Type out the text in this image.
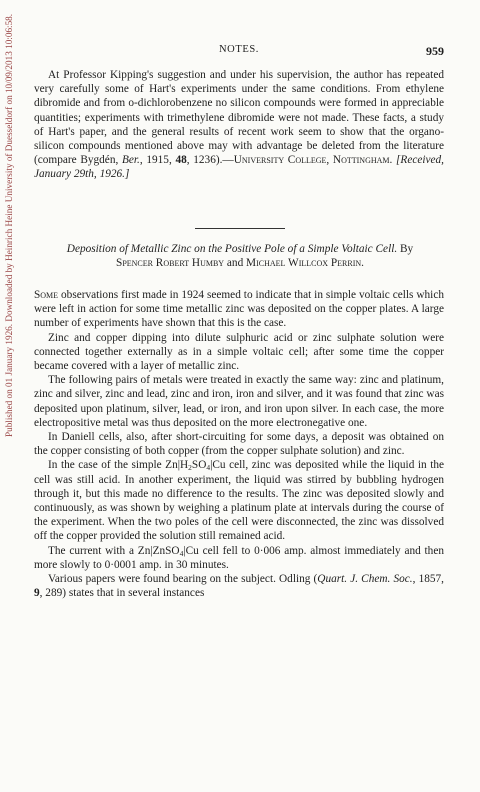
Published on 01 January 1926. Downloaded by Heinrich Heine University of Duesseldorf on 10/09/2013 10:06:58.	NOTES.	959

At Professor Kipping's suggestion and under his supervision, the author has repeated very carefully some of Hart's experiments under the same conditions. From ethylene dibromide and from o-dichlorobenzene no silicon compounds were formed in appreciable quantities; experiments with trimethylene dibromide were not made. These facts, a study of Hart's paper, and the general results of recent work seem to show that the organo-silicon compounds mentioned above may with advantage be deleted from the literature (compare Bygdén, Ber., 1915, 48, 1236).—University College, Nottingham. [Received, January 29th, 1926.]

Deposition of Metallic Zinc on the Positive Pole of a Simple Voltaic Cell. By Spencer Robert Humby and Michael Willcox Perrin.

Some observations first made in 1924 seemed to indicate that in simple voltaic cells which were left in action for some time metallic zinc was deposited on the copper plates. A large number of experiments have shown that this is the case.

Zinc and copper dipping into dilute sulphuric acid or zinc sulphate solution were connected together externally as in a simple voltaic cell; after some time the copper became covered with a layer of metallic zinc.

The following pairs of metals were treated in exactly the same way: zinc and platinum, zinc and silver, zinc and lead, zinc and iron, iron and silver, and it was found that zinc was deposited upon platinum, silver, lead, or iron, and iron upon silver. In each case, the more electropositive metal was thus deposited on the more electronegative one.

In Daniell cells, also, after short-circuiting for some days, a deposit was obtained on the copper consisting of both copper (from the copper sulphate solution) and zinc.

In the case of the simple $Zn|H_2SO_4|Cu$ cell, zinc was deposited while the liquid in the cell was still acid. In another experiment, the liquid was stirred by bubbling hydrogen through it, but this made no difference to the results. The zinc was deposited slowly and continuously, as was shown by weighing a platinum plate at intervals during the course of the experiment. When the two poles of the cell were disconnected, the zinc was dissolved off the copper provided the solution still remained acid.

The current with a Zn|ZnSO$_4$|Cu cell fell to 0·006 amp. almost immediately and then more slowly to 0·0001 amp. in 30 minutes.

Various papers were found bearing on the subject. Odling (Quart. J. Chem. Soc., 1857, 9, 289) states that in several instances
